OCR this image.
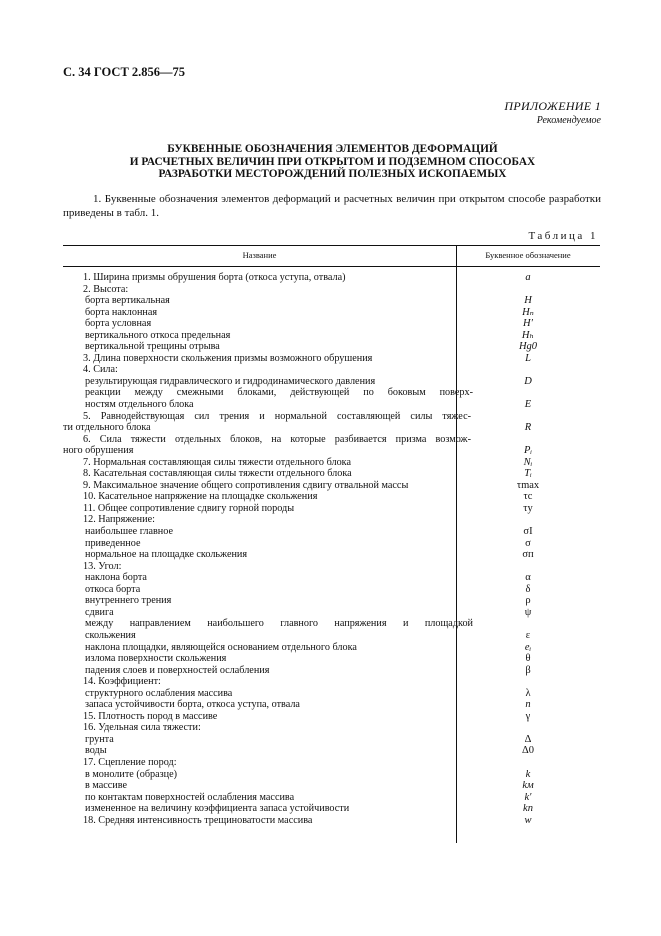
С. 34 ГОСТ 2.856—75
ПРИЛОЖЕНИЕ 1
Рекомендуемое
БУКВЕННЫЕ ОБОЗНАЧЕНИЯ ЭЛЕМЕНТОВ ДЕФОРМАЦИЙ
И РАСЧЕТНЫХ ВЕЛИЧИН ПРИ ОТКРЫТОМ И ПОДЗЕМНОМ СПОСОБАХ
РАЗРАБОТКИ МЕСТОРОЖДЕНИЙ ПОЛЕЗНЫХ ИСКОПАЕМЫХ
1. Буквенные обозначения элементов деформаций и расчетных величин при открытом способе разработки приведены в табл. 1.
Таблица 1
Название	Буквенное обозначение
1. Ширина призмы обрушения борта (откоса уступа, отвала)	a
2. Высота:
борта вертикальная	H
борта наклонная	Hₙ
борта условная	H′
вертикального откоса предельная	Hₕ
вертикальной трещины отрыва	Hg0
3. Длина поверхности скольжения призмы возможного обрушения	L
4. Сила:
результирующая гидравлического и гидродинамического давления	D
реакции между смежными блоками, действующей по боковым поверх-
ностям отдельного блока	E
5. Равнодействующая сил трения и нормальной составляющей силы тяжес-
ти отдельного блока	R
6. Сила тяжести отдельных блоков, на которые разбивается призма возмож-
ного обрушения	Pᵢ
7. Нормальная составляющая силы тяжести отдельного блока	Nᵢ
8. Касательная составляющая силы тяжести отдельного блока	Tᵢ
9. Максимальное значение общего сопротивления сдвигу отвальной массы	τmax
10. Касательное напряжение на площадке скольжения	τc
11. Общее сопротивление сдвигу горной породы	τy
12. Напряжение:
наибольшее главное	σI
приведенное	σ
нормальное на площадке скольжения	σп
13. Угол:
наклона борта	α
откоса борта	δ
внутреннего трения	ρ
сдвига	ψ
между направлением наибольшего главного напряжения и площадкой
скольжения	ε
наклона площадки, являющейся основанием отдельного блока	eᵢ
излома поверхности скольжения	θ
падения слоев и поверхностей ослабления	β
14. Коэффициент:
структурного ослабления массива	λ
запаса устойчивости борта, откоса уступа, отвала	n
15. Плотность пород в массиве	γ
16. Удельная сила тяжести:
грунта	Δ
воды	Δ0
17. Сцепление пород:
в монолите (образце)	k
в массиве	kм
по контактам поверхностей ослабления массива	k′
измененное на величину коэффициента запаса устойчивости	kn
18. Средняя интенсивность трещиноватости массива	w
